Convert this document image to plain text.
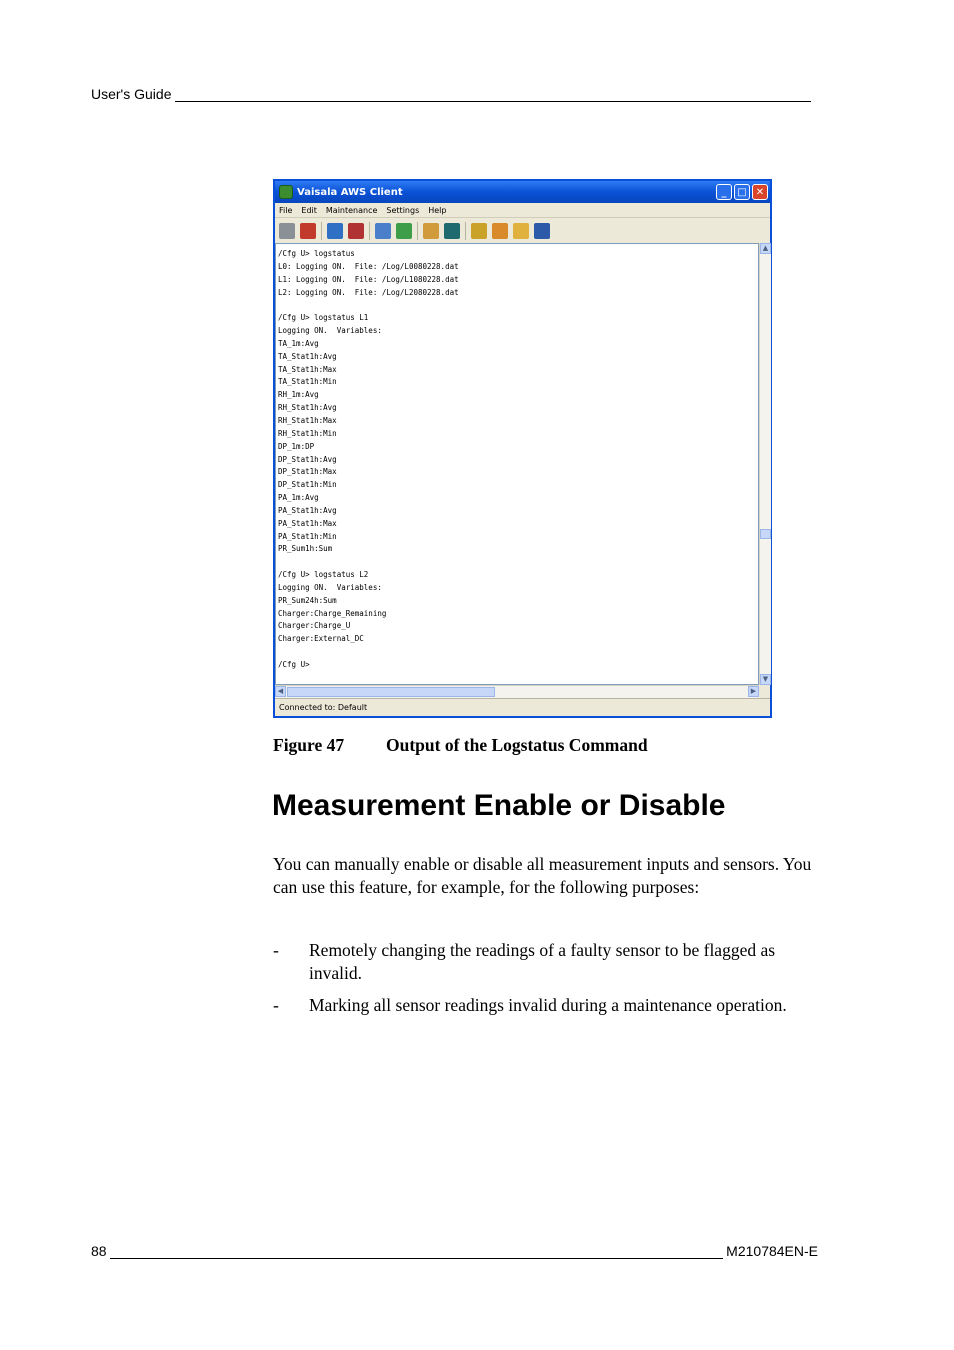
User's Guide
Vaisala AWS Client	_	□ ✕
File Edit Maintenance Settings Help
/Cfg U> logstatus
L0: Logging ON.  File: /Log/L0080228.dat
L1: Logging ON.  File: /Log/L1080228.dat
L2: Logging ON.  File: /Log/L2080228.dat

/Cfg U> logstatus L1
Logging ON.  Variables:
TA_1m:Avg
TA_Stat1h:Avg
TA_Stat1h:Max
TA_Stat1h:Min
RH_1m:Avg
RH_Stat1h:Avg
RH_Stat1h:Max
RH_Stat1h:Min
DP_1m:DP
DP_Stat1h:Avg
DP_Stat1h:Max
DP_Stat1h:Min
PA_1m:Avg
PA_Stat1h:Avg
PA_Stat1h:Max
PA_Stat1h:Min
PR_Sum1h:Sum

/Cfg U> logstatus L2
Logging ON.  Variables:
PR_Sum24h:Sum
Charger:Charge_Remaining
Charger:Charge_U
Charger:External_DC

/Cfg U>
▲
▼
◀	▶
Connected to: Default
Figure 47 Output of the Logstatus Command
Measurement Enable or Disable

You can manually enable or disable all measurement inputs and sensors. You can use this feature, for example, for the following purposes:

-	Remotely changing the readings of a faulty sensor to be flagged as invalid.
-	Marking all sensor readings invalid during a maintenance operation.
88	M210784EN-E
